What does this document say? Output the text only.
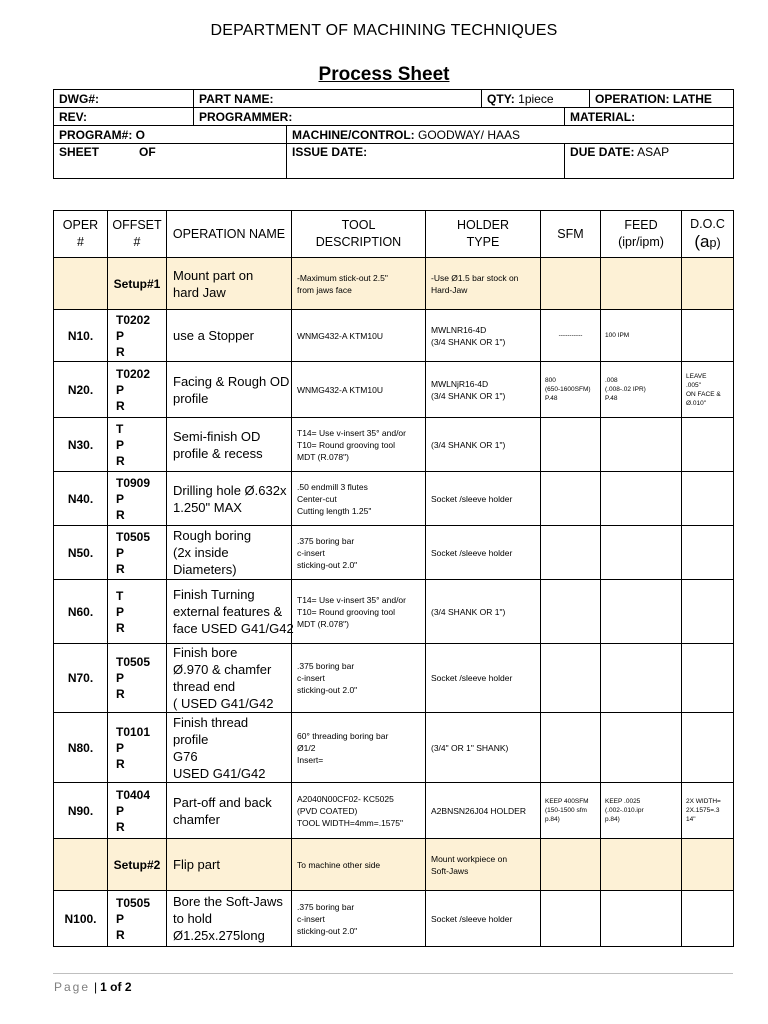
DEPARTMENT OF MACHINING TECHNIQUES
Process Sheet
DWG#:	PART NAME:		QTY: 1piece		OPERATION: LATHE
REV:	PROGRAMMER:			MATERIAL:	
PROGRAM#: O		MACHINE/CONTROL: GOODWAY/ HAAS			
SHEET OF		ISSUE DATE:		DUE DATE: ASAP	
OPER
#	OFFSET
#	OPERATION NAME	TOOL
DESCRIPTION	HOLDER
TYPE	SFM	FEED
(ipr/ipm)	D.O.C
(ap)

	Setup#1	Mount part on
hard Jaw	-Maximum stick-out 2.5"
from jaws face	-Use Ø1.5 bar stock on
Hard-Jaw			

N10.	T0202
P
R	use a Stopper	WNMG432-A KTM10U	MWLNR16-4D
(3/4 SHANK OR 1")	-----------	100 IPM	

N20.	T0202
P
R	Facing & Rough OD
profile	WNMG432-A KTM10U	MWLNjR16-4D
(3/4 SHANK OR 1")	800
(650-1600SFM)
P.48	.008
(.008-.02 IPR)
P.48	LEAVE
.005"
ON FACE &
Ø.010"

N30.	T
P
R	Semi-finish OD
profile & recess	T14= Use v-insert 35° and/or
T10= Round grooving tool
MDT (R.078")	(3/4 SHANK OR 1")			

N40.	T0909
P
R	Drilling hole Ø.632x
1.250" MAX	.50 endmill 3 flutes
Center-cut
Cutting length 1.25"	Socket /sleeve holder			

N50.	T0505
P
R	Rough boring
(2x inside
Diameters)	.375 boring bar
c-insert
sticking-out 2.0"	Socket /sleeve holder			

N60.	T
P
R	Finish Turning
external features &
face USED G41/G42	T14= Use v-insert 35° and/or
T10= Round grooving tool
MDT (R.078")	(3/4 SHANK OR 1")			

N70.	T0505
P
R	Finish bore
Ø.970 & chamfer
thread end
( USED G41/G42	.375 boring bar
c-insert
sticking-out 2.0"	Socket /sleeve holder			

N80.	T0101
P
R	Finish thread
profile
G76
USED G41/G42	60° threading boring bar
Ø1/2
Insert=	(3/4" OR 1" SHANK)			

N90.	T0404
P
R	Part-off and back
chamfer	A2040N00CF02- KC5025
(PVD COATED)
TOOL WIDTH=4mm=.1575"	A2BNSN26J04 HOLDER	KEEP 400SFM
(150-1500 sfm
p.84)	KEEP .0025
(.002-.010.ipr
p.84)	2X WIDTH=
2X.1575=.3
14"

	Setup#2	Flip part	To machine other side	Mount workpiece on
Soft-Jaws			

N100.	T0505
P
R	Bore the Soft-Jaws
to hold
Ø1.25x.275long	.375 boring bar
c-insert
sticking-out 2.0"	Socket /sleeve holder			

Page | 1 of 2
